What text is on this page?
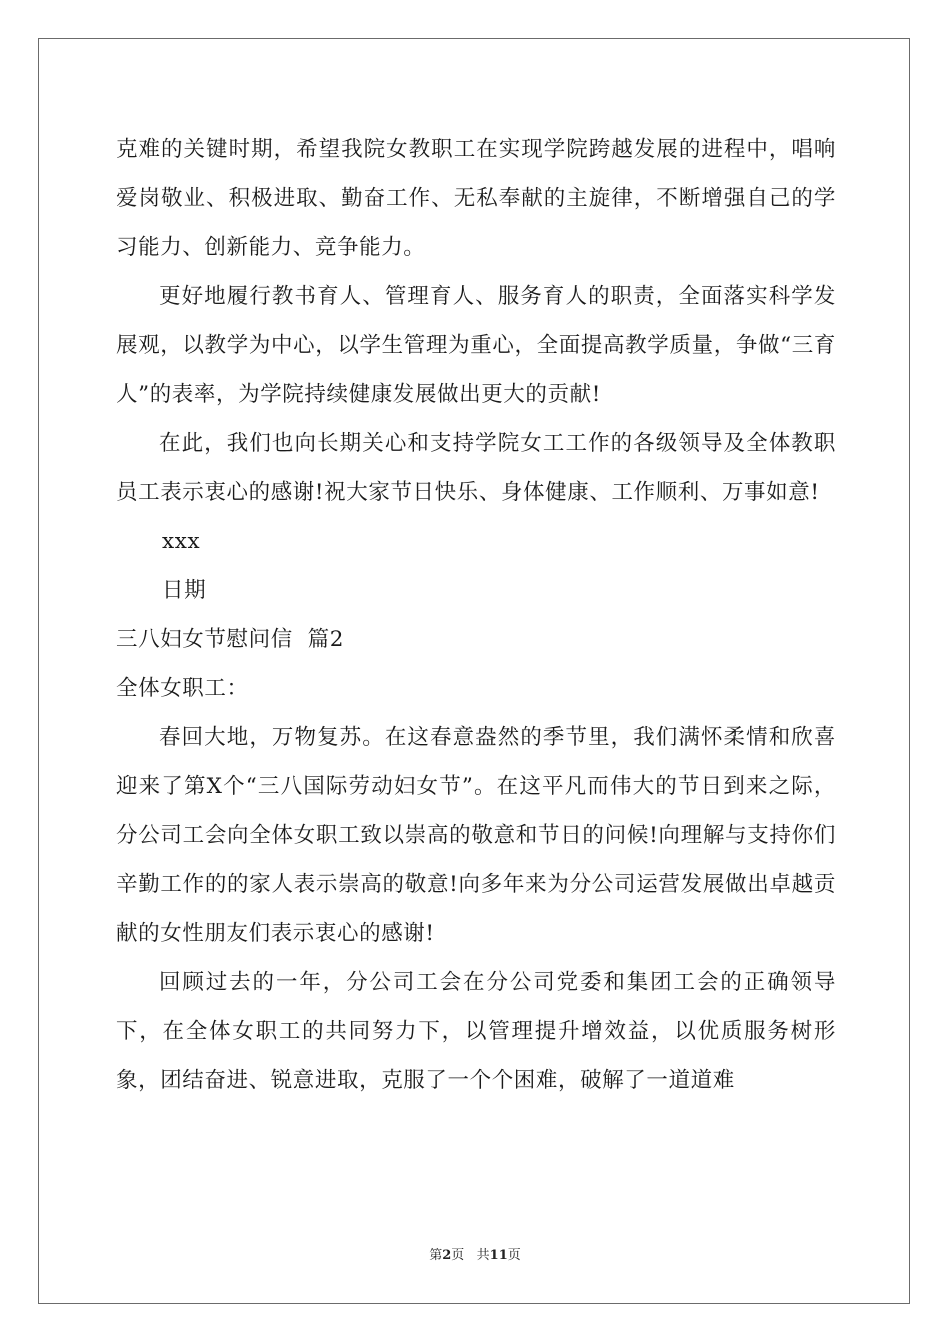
克难的关键时期，希望我院女教职工在实现学院跨越发展的进程中，唱响爱岗敬业、积极进取、勤奋工作、无私奉献的主旋律，不断增强自己的学习能力、创新能力、竞争能力。

更好地履行教书育人、管理育人、服务育人的职责，全面落实科学发展观，以教学为中心，以学生管理为重心，全面提高教学质量，争做“三育人”的表率，为学院持续健康发展做出更大的贡献!

在此，我们也向长期关心和支持学院女工工作的各级领导及全体教职员工表示衷心的感谢!祝大家节日快乐、身体健康、工作顺利、万事如意!

xxx

日期

三八妇女节慰问信  篇2

全体女职工：

春回大地，万物复苏。在这春意盎然的季节里，我们满怀柔情和欣喜迎来了第X个“三八国际劳动妇女节”。在这平凡而伟大的节日到来之际，分公司工会向全体女职工致以崇高的敬意和节日的问候!向理解与支持你们辛勤工作的的家人表示崇高的敬意!向多年来为分公司运营发展做出卓越贡献的女性朋友们表示衷心的感谢!

回顾过去的一年，分公司工会在分公司党委和集团工会的正确领导下，在全体女职工的共同努力下，以管理提升增效益，以优质服务树形象，团结奋进、锐意进取，克服了一个个困难，破解了一道道难

第2页   共11页
